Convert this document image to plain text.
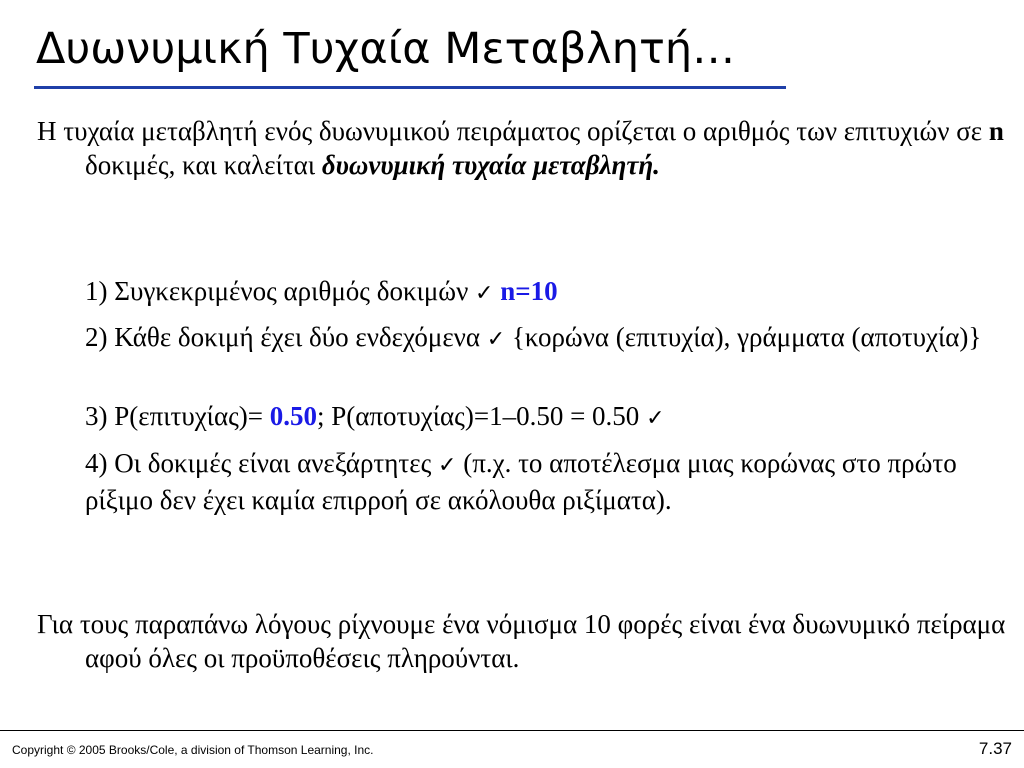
Δυωνυμική Τυχαία Μεταβλητή…

Η τυχαία μεταβλητή ενός δυωνυμικού πειράματος ορίζεται ο αριθμός των επιτυχιών σε n δοκιμές, και καλείται δυωνυμική τυχαία μεταβλητή.

1) Συγκεκριμένος αριθμός δοκιμών ✓ n=10

2) Κάθε δοκιμή έχει δύο ενδεχόμενα ✓ {κορώνα (επιτυχία), γράμματα (αποτυχία)}

3) P(επιτυχίας)= 0.50; P(αποτυχίας)=1–0.50 = 0.50 ✓

4) Οι δοκιμές είναι ανεξάρτητες ✓ (π.χ. το αποτέλεσμα μιας κορώνας στο πρώτο ρίξιμο δεν έχει καμία επιρροή σε ακόλουθα ριξίματα).

Για τους παραπάνω λόγους ρίχνουμε ένα νόμισμα 10 φορές είναι ένα δυωνυμικό πείραμα αφού όλες οι προϋποθέσεις πληρούνται.

Copyright © 2005 Brooks/Cole, a division of Thomson Learning, Inc.	7.37
